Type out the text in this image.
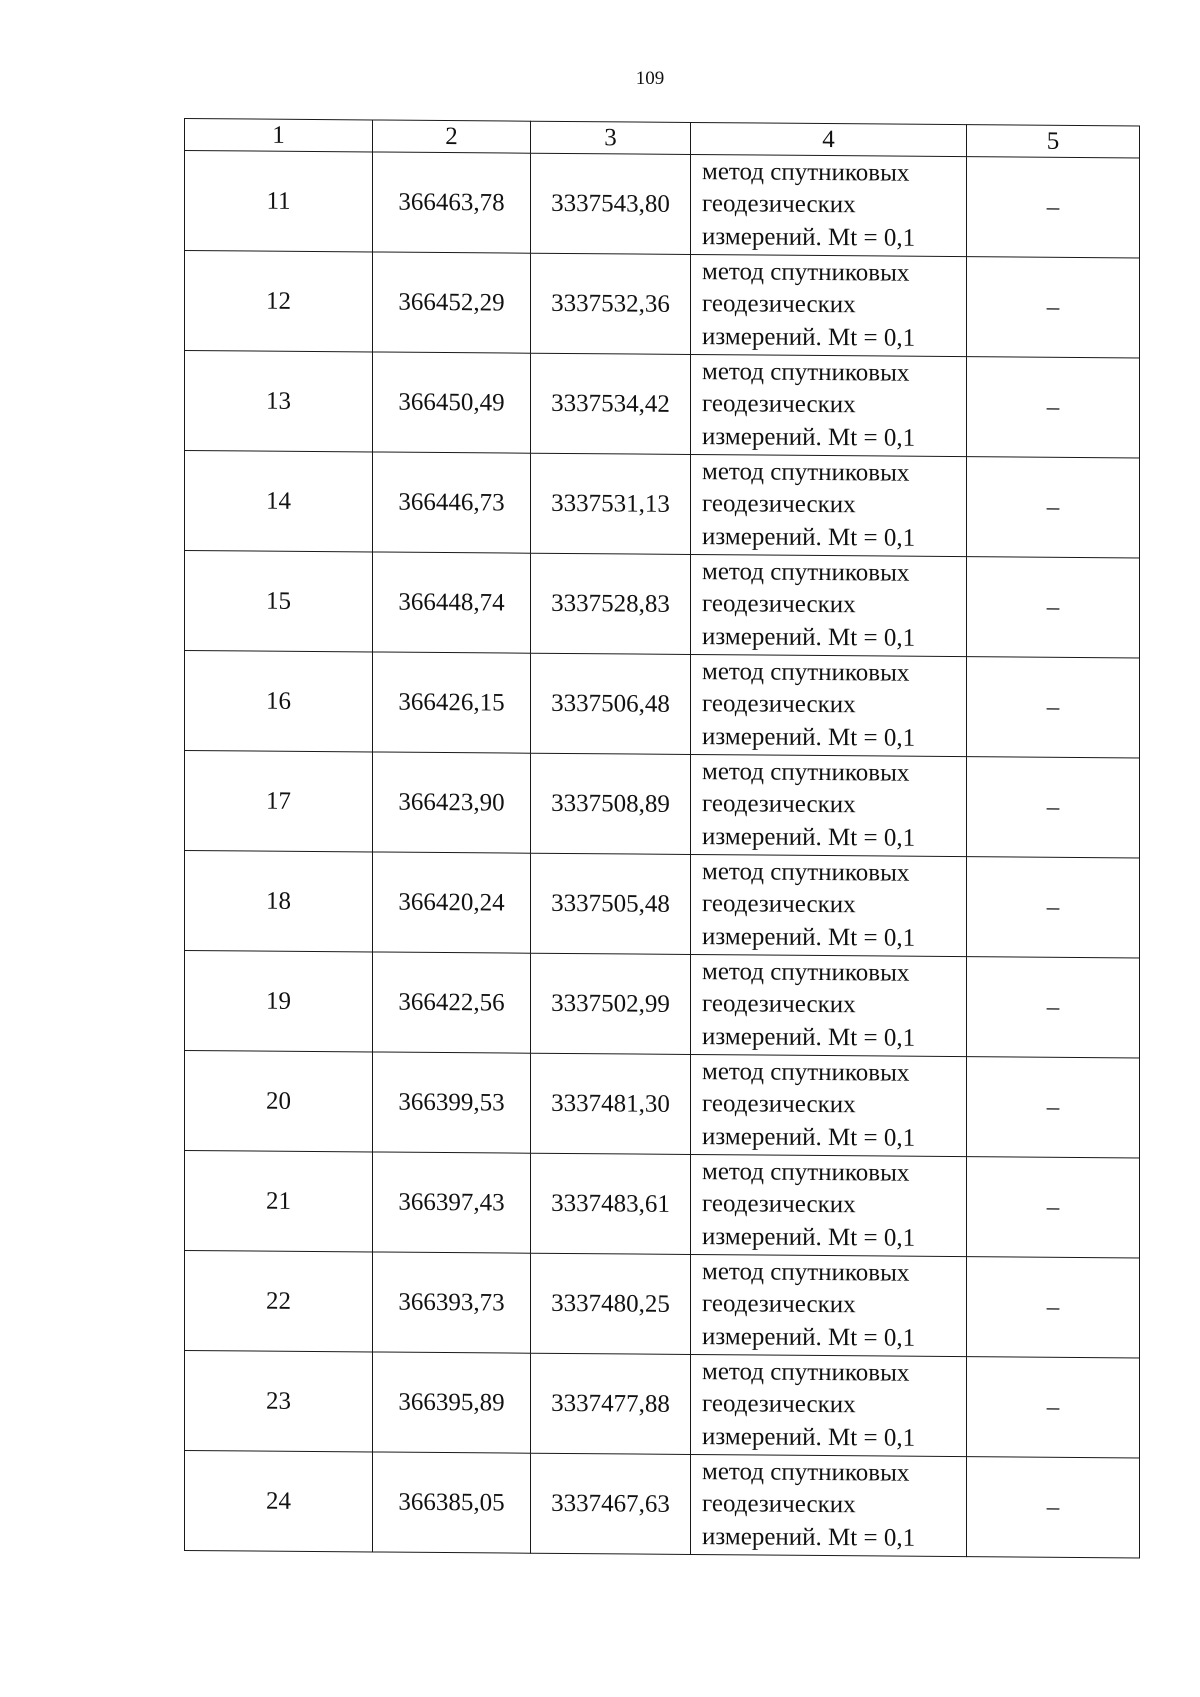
109
1	2	3	4	5
11	366463,78	3337543,80	метод спутниковых
геодезических
измерений. Mt = 0,1	–
12	366452,29	3337532,36	метод спутниковых
геодезических
измерений. Mt = 0,1	–
13	366450,49	3337534,42	метод спутниковых
геодезических
измерений. Mt = 0,1	–
14	366446,73	3337531,13	метод спутниковых
геодезических
измерений. Mt = 0,1	–
15	366448,74	3337528,83	метод спутниковых
геодезических
измерений. Mt = 0,1	–
16	366426,15	3337506,48	метод спутниковых
геодезических
измерений. Mt = 0,1	–
17	366423,90	3337508,89	метод спутниковых
геодезических
измерений. Mt = 0,1	–
18	366420,24	3337505,48	метод спутниковых
геодезических
измерений. Mt = 0,1	–
19	366422,56	3337502,99	метод спутниковых
геодезических
измерений. Mt = 0,1	–
20	366399,53	3337481,30	метод спутниковых
геодезических
измерений. Mt = 0,1	–
21	366397,43	3337483,61	метод спутниковых
геодезических
измерений. Mt = 0,1	–
22	366393,73	3337480,25	метод спутниковых
геодезических
измерений. Mt = 0,1	–
23	366395,89	3337477,88	метод спутниковых
геодезических
измерений. Mt = 0,1	–
24	366385,05	3337467,63	метод спутниковых
геодезических
измерений. Mt = 0,1	–
